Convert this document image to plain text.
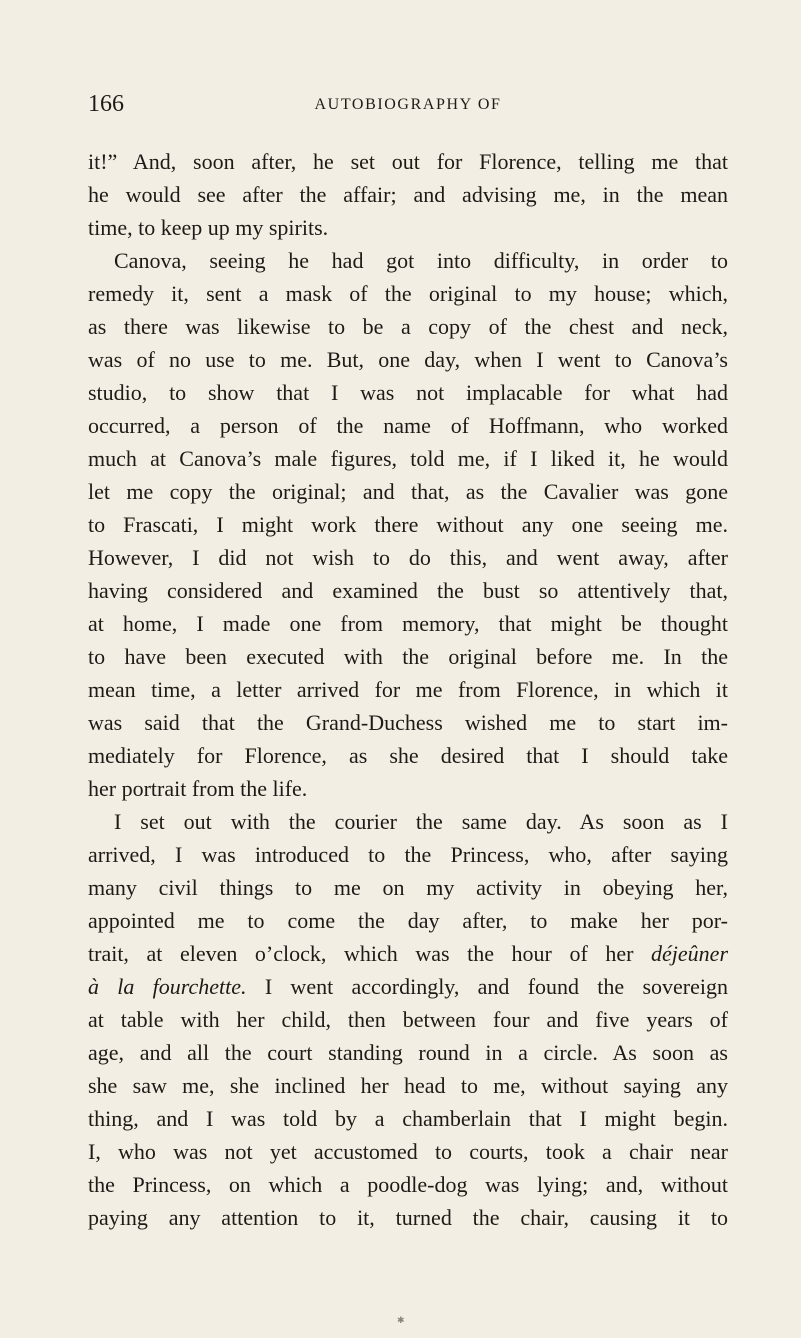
166	AUTOBIOGRAPHY OF
it!” And, soon after, he set out for Florence, telling me that
he would see after the affair; and advising me, in the mean
time, to keep up my spirits.
Canova, seeing he had got into difficulty, in order to
remedy it, sent a mask of the original to my house; which,
as there was likewise to be a copy of the chest and neck,
was of no use to me. But, one day, when I went to Canova’s
studio, to show that I was not implacable for what had
occurred, a person of the name of Hoffmann, who worked
much at Canova’s male figures, told me, if I liked it, he would
let me copy the original; and that, as the Cavalier was gone
to Frascati, I might work there without any one seeing me.
However, I did not wish to do this, and went away, after
having considered and examined the bust so attentively that,
at home, I made one from memory, that might be thought
to have been executed with the original before me. In the
mean time, a letter arrived for me from Florence, in which it
was said that the Grand-Duchess wished me to start im-
mediately for Florence, as she desired that I should take
her portrait from the life.
I set out with the courier the same day. As soon as I
arrived, I was introduced to the Princess, who, after saying
many civil things to me on my activity in obeying her,
appointed me to come the day after, to make her por-
trait, at eleven o’clock, which was the hour of her déjeûner
à la fourchette. I went accordingly, and found the sovereign
at table with her child, then between four and five years of
age, and all the court standing round in a circle. As soon as
she saw me, she inclined her head to me, without saying any
thing, and I was told by a chamberlain that I might begin.
I, who was not yet accustomed to courts, took a chair near
the Princess, on which a poodle-dog was lying; and, without
paying any attention to it, turned the chair, causing it to
✱
